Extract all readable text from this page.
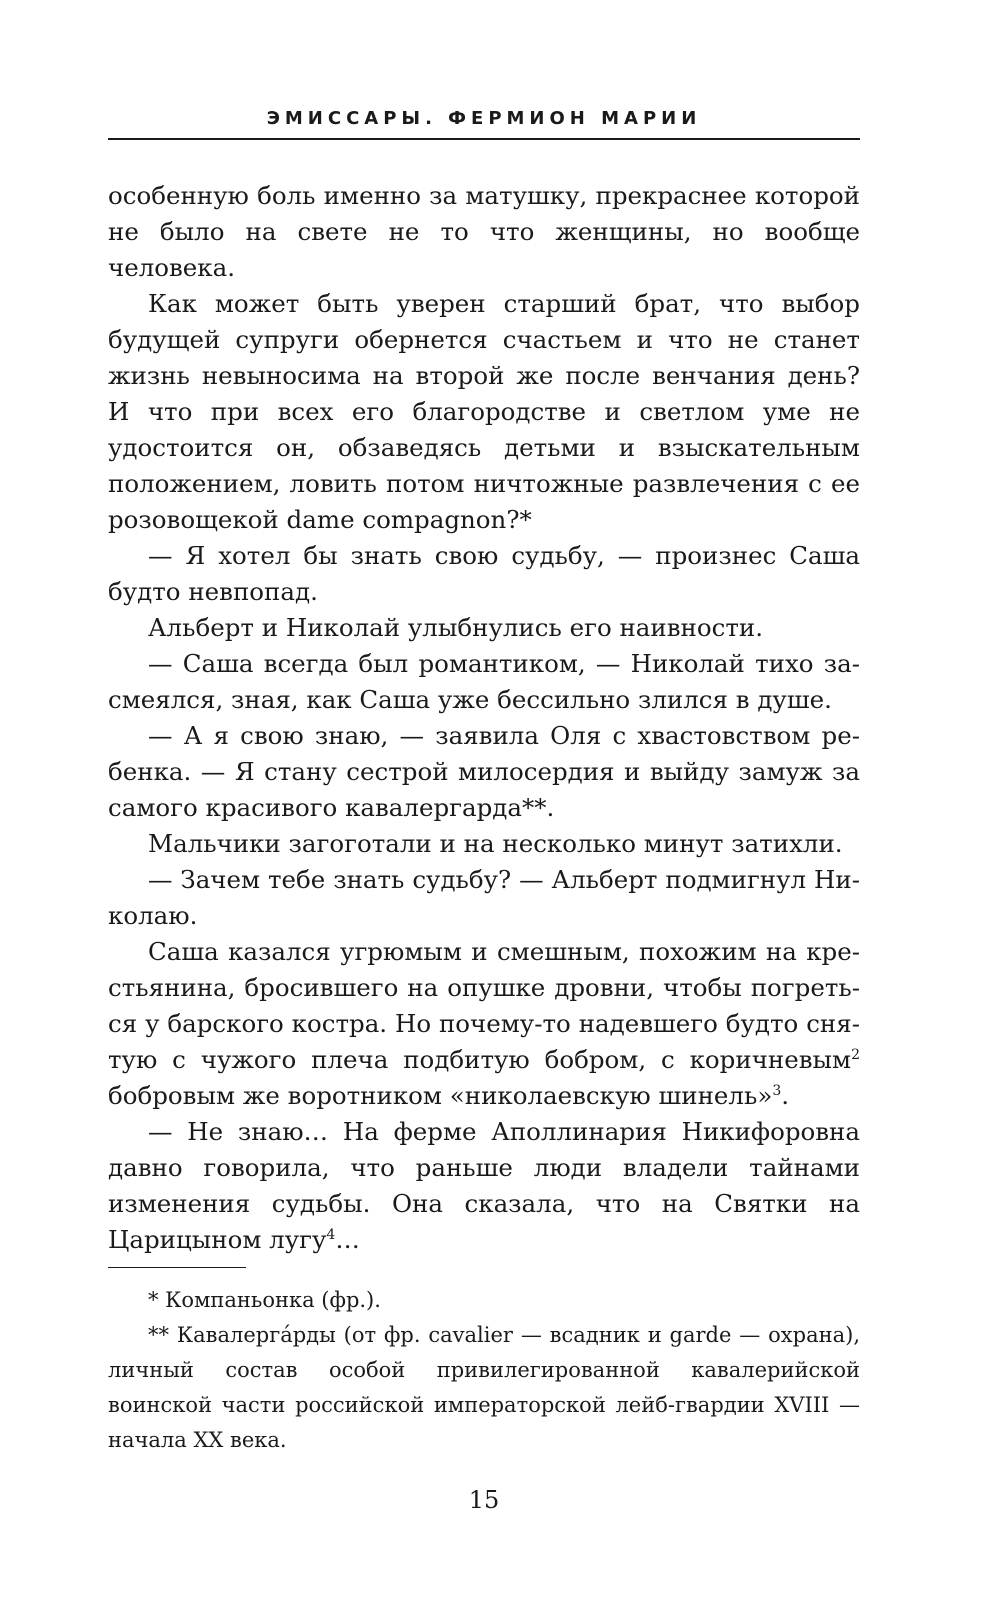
ЭМИССАРЫ. ФЕРМИОН МАРИИ

особенную боль именно за матушку, прекраснее которой не было на свете не то что женщины, но вообще человека.

Как может быть уверен старший брат, что выбор будущей супруги обернется счастьем и что не станет жизнь невыносима на второй же после венчания день? И что при всех его благородстве и светлом уме не удостоится он, обзаведясь детьми и взыскательным положением, ловить потом ничтожные развлечения с ее розовощекой dame compagnon?*

— Я хотел бы знать свою судьбу, — произнес Саша будто невпопад.

Альберт и Николай улыбнулись его наивности.

— Саша всегда был романтиком, — Николай тихо засмеялся, зная, как Саша уже бессильно злился в душе.

— А я свою знаю, — заявила Оля с хвастовством ребенка. — Я стану сестрой милосердия и выйду замуж за самого красивого кавалергарда**.

Мальчики загоготали и на несколько минут затихли.

— Зачем тебе знать судьбу? — Альберт подмигнул Николаю.

Саша казался угрюмым и смешным, похожим на крестьянина, бросившего на опушке дровни, чтобы погреться у барского костра. Но почему-то надевшего будто снятую с чужого плеча подбитую бобром, с коричневым$^2$ бобровым же воротником «николаевскую шинель»$^3$.

— Не знаю… На ферме Аполлинария Никифоровна давно говорила, что раньше люди владели тайнами изменения судьбы. Она сказала, что на Святки на Царицыном лугу$^4$…

* Компаньонка (фр.).

** Кавалерга́рды (от фр. cavalier — всадник и garde — охрана), личный состав особой привилегированной кавалерийской воинской части российской императорской лейб-гвардии XVIII — начала XX века.

15
